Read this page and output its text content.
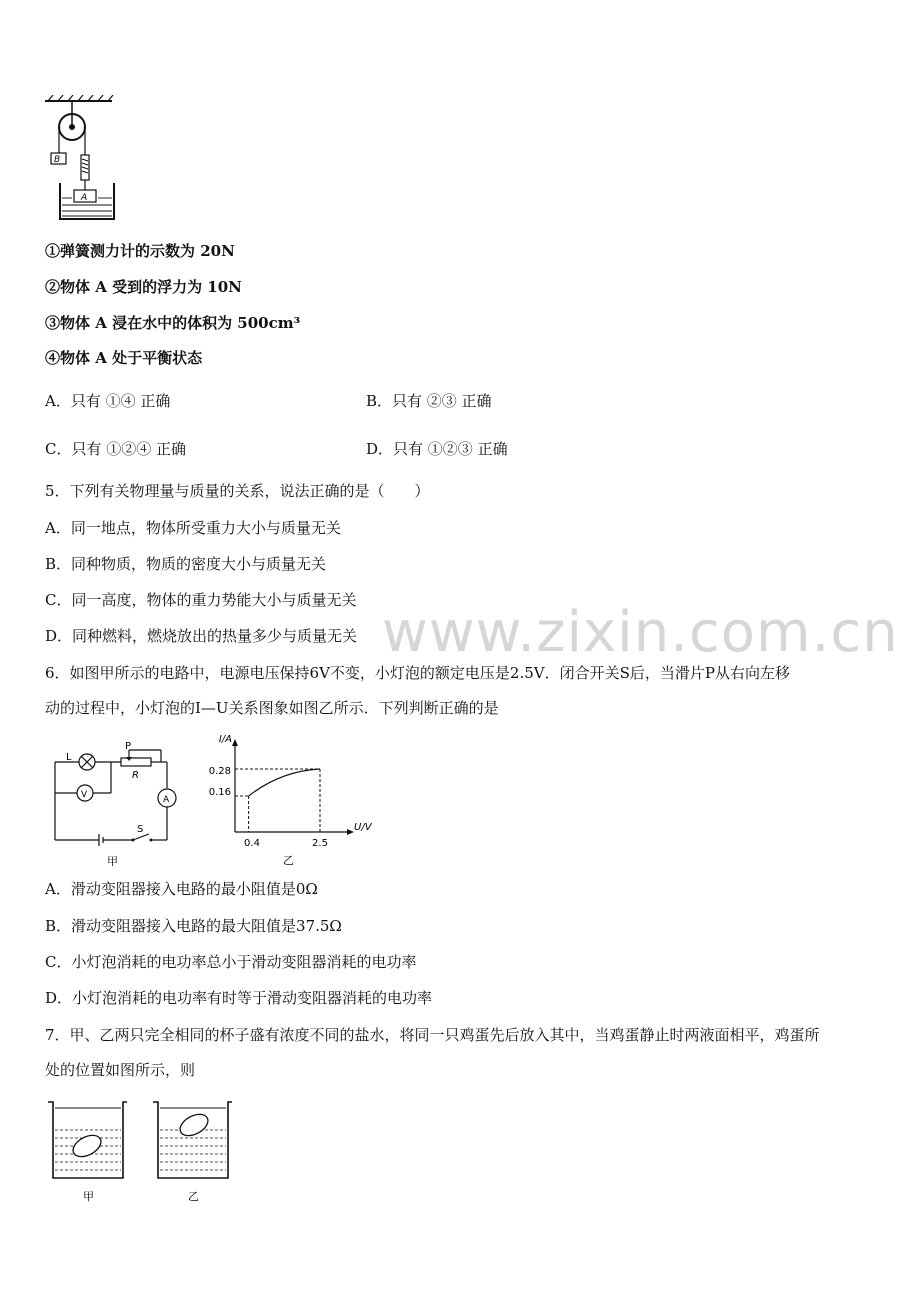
www.zixin.com.cn
B
A
①弹簧测力计的示数为 20N
②物体 A 受到的浮力为 10N
③物体 A 浸在水中的体积为 500cm³
④物体 A 处于平衡状态
A．只有 ①④ 正确	B．只有 ②③ 正确
C．只有 ①②④ 正确	D．只有 ①②③ 正确
5．下列有关物理量与质量的关系，说法正确的是（　　）
A．同一地点，物体所受重力大小与质量无关
B．同种物质，物质的密度大小与质量无关
C．同一高度，物体的重力势能大小与质量无关
D．同种燃料，燃烧放出的热量多少与质量无关
6．如图甲所示的电路中，电源电压保持6V不变，小灯泡的额定电压是2.5V．闭合开关S后，当滑片P从右向左移
动的过程中，小灯泡的I—U关系图象如图乙所示．下列判断正确的是
L
P
R
V	A
S
甲
I/A
U/V
0.28
0.16
0.4	2.5
乙
A．滑动变阻器接入电路的最小阻值是0Ω
B．滑动变阻器接入电路的最大阻值是37.5Ω
C．小灯泡消耗的电功率总小于滑动变阻器消耗的电功率
D．小灯泡消耗的电功率有时等于滑动变阻器消耗的电功率
7．甲、乙两只完全相同的杯子盛有浓度不同的盐水，将同一只鸡蛋先后放入其中，当鸡蛋静止时两液面相平，鸡蛋所
处的位置如图所示，则
甲	乙
